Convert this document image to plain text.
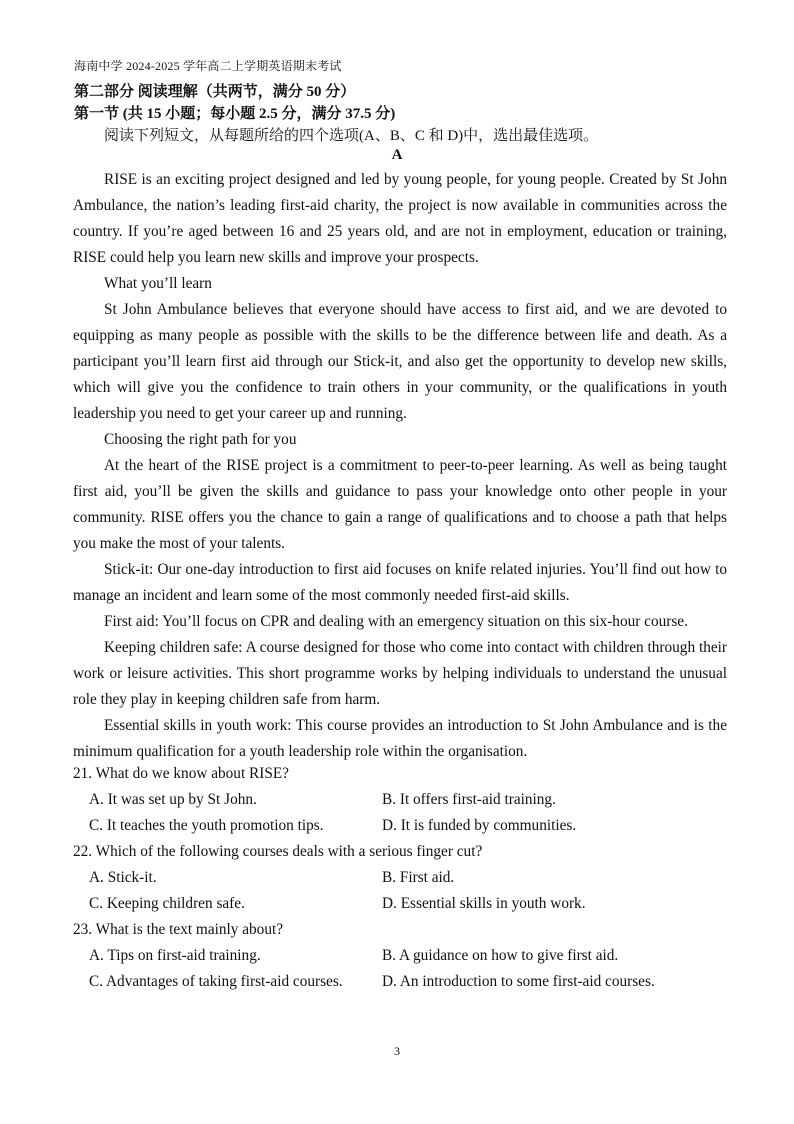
海南中学 2024-2025 学年高二上学期英语期末考试
第二部分 阅读理解（共两节，满分 50 分）
第一节 (共 15 小题；每小题 2.5 分，满分 37.5 分)
阅读下列短文，从每题所给的四个选项(A、B、C 和 D)中，选出最佳选项。
A

RISE is an exciting project designed and led by young people, for young people. Created by St John Ambulance, the nation’s leading first-aid charity, the project is now available in communities across the country. If you’re aged between 16 and 25 years old, and are not in employment, education or training, RISE could help you learn new skills and improve your prospects.

What you’ll learn

St John Ambulance believes that everyone should have access to first aid, and we are devoted to equipping as many people as possible with the skills to be the difference between life and death. As a participant you’ll learn first aid through our Stick-it, and also get the opportunity to develop new skills, which will give you the confidence to train others in your community, or the qualifications in youth leadership you need to get your career up and running.

Choosing the right path for you

At the heart of the RISE project is a commitment to peer-to-peer learning. As well as being taught first aid, you’ll be given the skills and guidance to pass your knowledge onto other people in your community. RISE offers you the chance to gain a range of qualifications and to choose a path that helps you make the most of your talents.

Stick-it: Our one-day introduction to first aid focuses on knife related injuries. You’ll find out how to manage an incident and learn some of the most commonly needed first-aid skills.

First aid: You’ll focus on CPR and dealing with an emergency situation on this six-hour course.

Keeping children safe: A course designed for those who come into contact with children through their work or leisure activities. This short programme works by helping individuals to understand the unusual role they play in keeping children safe from harm.

Essential skills in youth work: This course provides an introduction to St John Ambulance and is the minimum qualification for a youth leadership role within the organisation.

21. What do we know about RISE?
A. It was set up by St John.	B. It offers first-aid training.
C. It teaches the youth promotion tips.	D. It is funded by communities.
22. Which of the following courses deals with a serious finger cut?
A. Stick-it.	B. First aid.
C. Keeping children safe.	D. Essential skills in youth work.
23. What is the text mainly about?
A. Tips on first-aid training.	B. A guidance on how to give first aid.
C. Advantages of taking first-aid courses.	D. An introduction to some first-aid courses.
3
